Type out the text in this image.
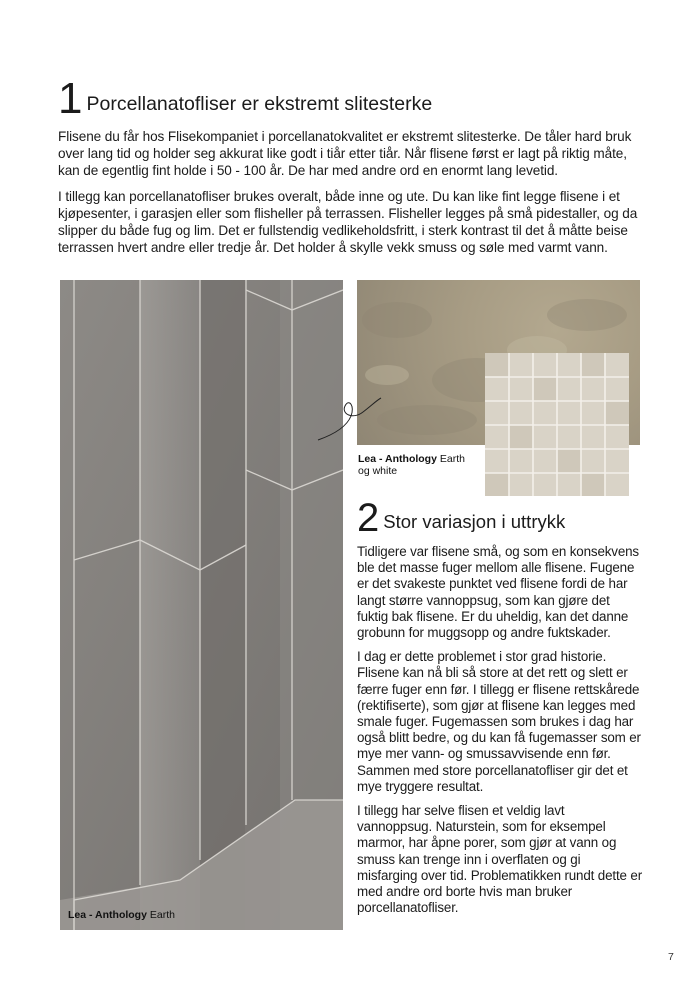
1 Porcellanatofliser er ekstremt slitesterke

Flisene du får hos Flisekompaniet i porcellanatokvalitet er ekstremt slitesterke. De tåler hard bruk over lang tid og holder seg akkurat like godt i tiår etter tiår. Når flisene først er lagt på riktig måte, kan de egentlig fint holde i 50 - 100 år. De har med andre ord en enormt lang levetid.

I tillegg kan porcellanatofliser brukes overalt, både inne og ute. Du kan like fint legge flisene i et kjøpesenter, i garasjen eller som flisheller på terrassen. Flisheller legges på små pidestaller, og da slipper du både fug og lim. Det er fullstendig vedlikeholdsfritt, i sterk kontrast til det å måtte beise terrassen hvert andre eller tredje år. Det holder å skylle vekk smuss og søle med varmt vann.

Lea - Anthology Earth
Lea - Anthology Earth og white
2 Stor variasjon i uttrykk

Tidligere var flisene små, og som en konsekvens ble det masse fuger mellom alle flisene. Fugene er det svakeste punktet ved flisene fordi de har langt større vannoppsug, som kan gjøre det fuktig bak flisene. Er du uheldig, kan det danne grobunn for muggsopp og andre fuktskader.

I dag er dette problemet i stor grad historie. Flisene kan nå bli så store at det rett og slett er færre fuger enn før. I tillegg er flisene rettskårede (rektifiserte), som gjør at flisene kan legges med smale fuger. Fugemassen som brukes i dag har også blitt bedre, og du kan få fugemasser som er mye mer vann- og smussavvisende enn før. Sammen med store porcellanatofliser gir det et mye tryggere resultat.

I tillegg har selve flisen et veldig lavt vannoppsug. Naturstein, som for eksempel marmor, har åpne porer, som gjør at vann og smuss kan trenge inn i overflaten og gi misfarging over tid. Problematikken rundt dette er med andre ord borte hvis man bruker porcellanatofliser.

7
